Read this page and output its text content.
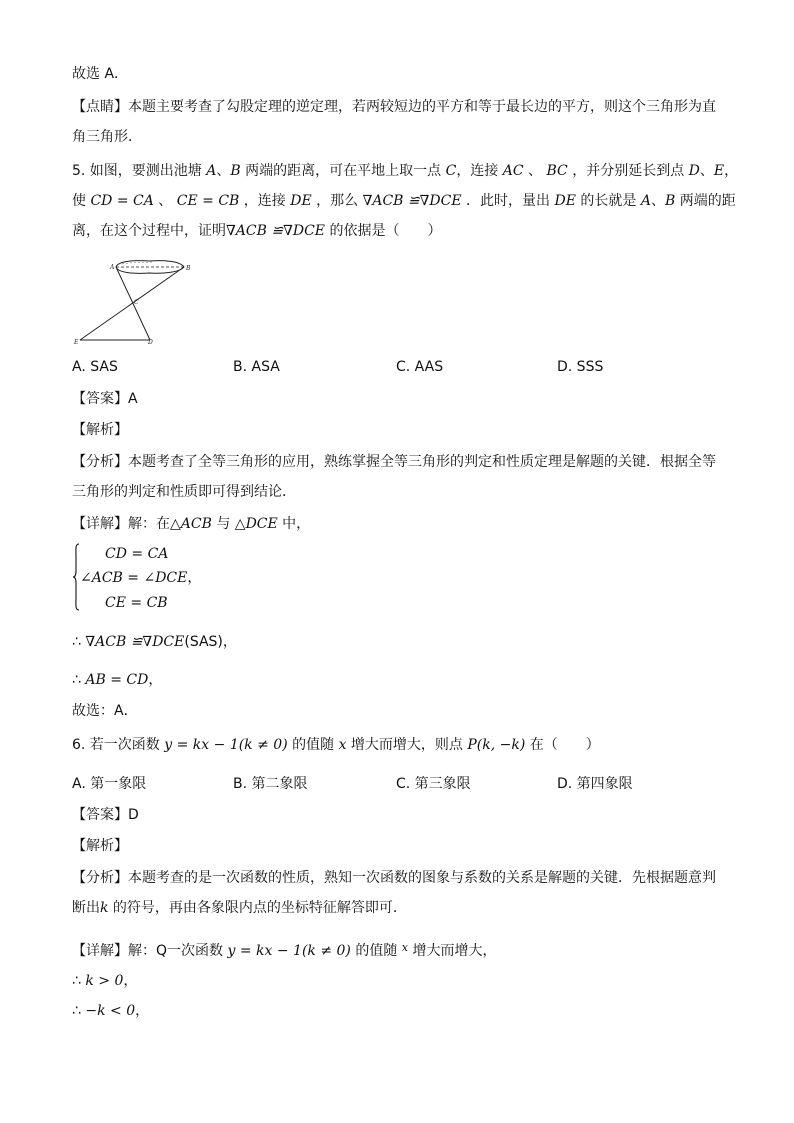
故选 A．
【点睛】本题主要考查了勾股定理的逆定理，若两较短边的平方和等于最长边的平方，则这个三角形为直
角三角形．
5. 如图，要测出池塘 A、B 两端的距离，可在平地上取一点 C，连接 AC 、 BC ，并分别延长到点 D、E，
使 CD = CA 、 CE = CB ，连接 DE ，那么 ∇ACB ≌∇DCE ．此时，量出 DE 的长就是 A、B 两端的距
离，在这个过程中，证明∇ACB ≌∇DCE 的依据是（　　）
A	B
C
E	D
A. SAS	B. ASA	C. AAS	D. SSS
【答案】A
【解析】
【分析】本题考查了全等三角形的应用，熟练掌握全等三角形的判定和性质定理是解题的关键．根据全等
三角形的判定和性质即可得到结论．
【详解】解：在△ACB 与 △DCE 中，
CD = CA
∠ACB = ∠DCE，
CE = CB
∴ ∇ACB ≌∇DCE(SAS)，
∴ AB = CD，
故选：A．
6. 若一次函数 y = kx − 1(k ≠ 0) 的值随 x 增大而增大，则点 P(k, −k) 在（　　）
A. 第一象限	B. 第二象限	C. 第三象限	D. 第四象限
【答案】D
【解析】
【分析】本题考查的是一次函数的性质，熟知一次函数的图象与系数的关系是解题的关键．先根据题意判
断出k 的符号，再由各象限内点的坐标特征解答即可．
【详解】解：Q一次函数 y = kx − 1(k ≠ 0) 的值随 $^x$ 增大而增大，
∴ k > 0，
∴ −k < 0，
